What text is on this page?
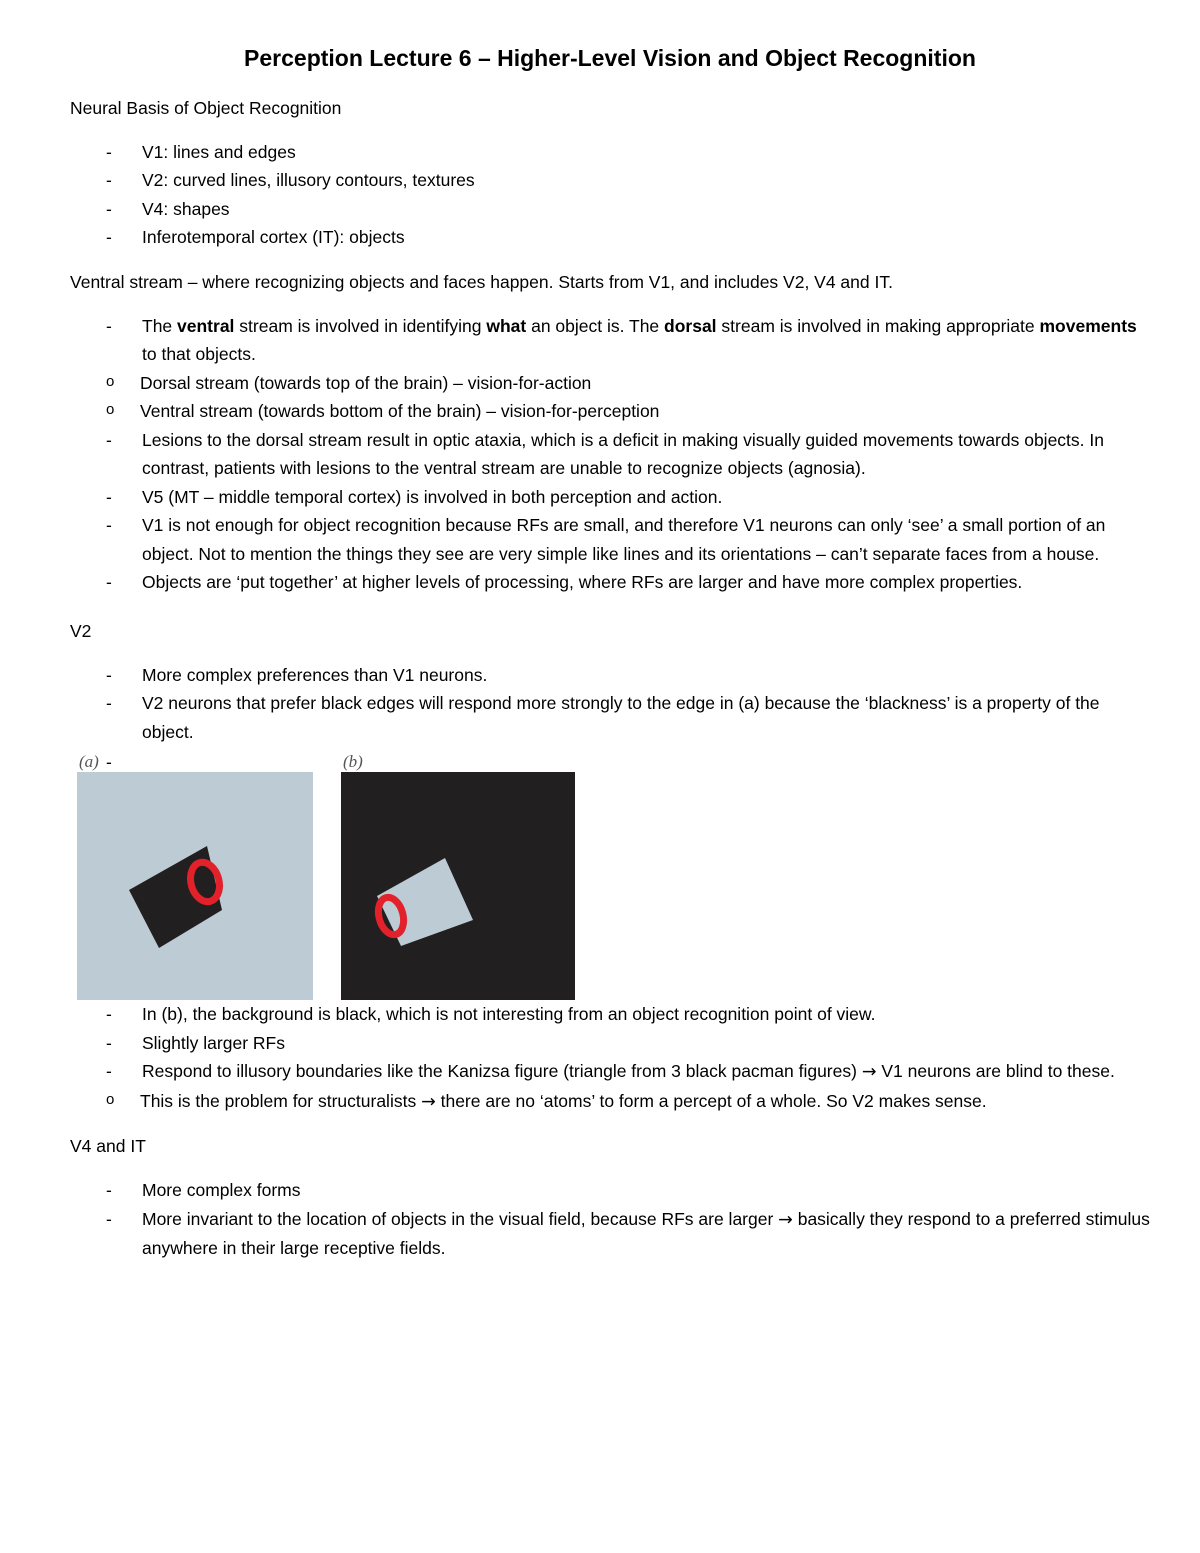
Perception Lecture 6 – Higher-Level Vision and Object Recognition

Neural Basis of Object Recognition

- V1: lines and edges
- V2: curved lines, illusory contours, textures
- V4: shapes
- Inferotemporal cortex (IT): objects

Ventral stream – where recognizing objects and faces happen. Starts from V1, and includes V2, V4 and IT.

- The ventral stream is involved in identifying what an object is. The dorsal stream is involved in making appropriate movements to that objects.
o Dorsal stream (towards top of the brain) – vision-for-action
o Ventral stream (towards bottom of the brain) – vision-for-perception
- Lesions to the dorsal stream result in optic ataxia, which is a deficit in making visually guided movements towards objects. In contrast, patients with lesions to the ventral stream are unable to recognize objects (agnosia).
- V5 (MT – middle temporal cortex) is involved in both perception and action.
- V1 is not enough for object recognition because RFs are small, and therefore V1 neurons can only ‘see’ a small portion of an object. Not to mention the things they see are very simple like lines and its orientations – can’t separate faces from a house.
- Objects are ‘put together’ at higher levels of processing, where RFs are larger and have more complex properties.

V2

- More complex preferences than V1 neurons.
- V2 neurons that prefer black edges will respond more strongly to the edge in (a) because the ‘blackness’ is a property of the object.
- (a)	(b)
- In (b), the background is black, which is not interesting from an object recognition point of view.
- Slightly larger RFs
- Respond to illusory boundaries like the Kanizsa figure (triangle from 3 black pacman figures) → V1 neurons are blind to these.
o This is the problem for structuralists → there are no ‘atoms’ to form a percept of a whole. So V2 makes sense.

V4 and IT

- More complex forms
- More invariant to the location of objects in the visual field, because RFs are larger → basically they respond to a preferred stimulus anywhere in their large receptive fields.
